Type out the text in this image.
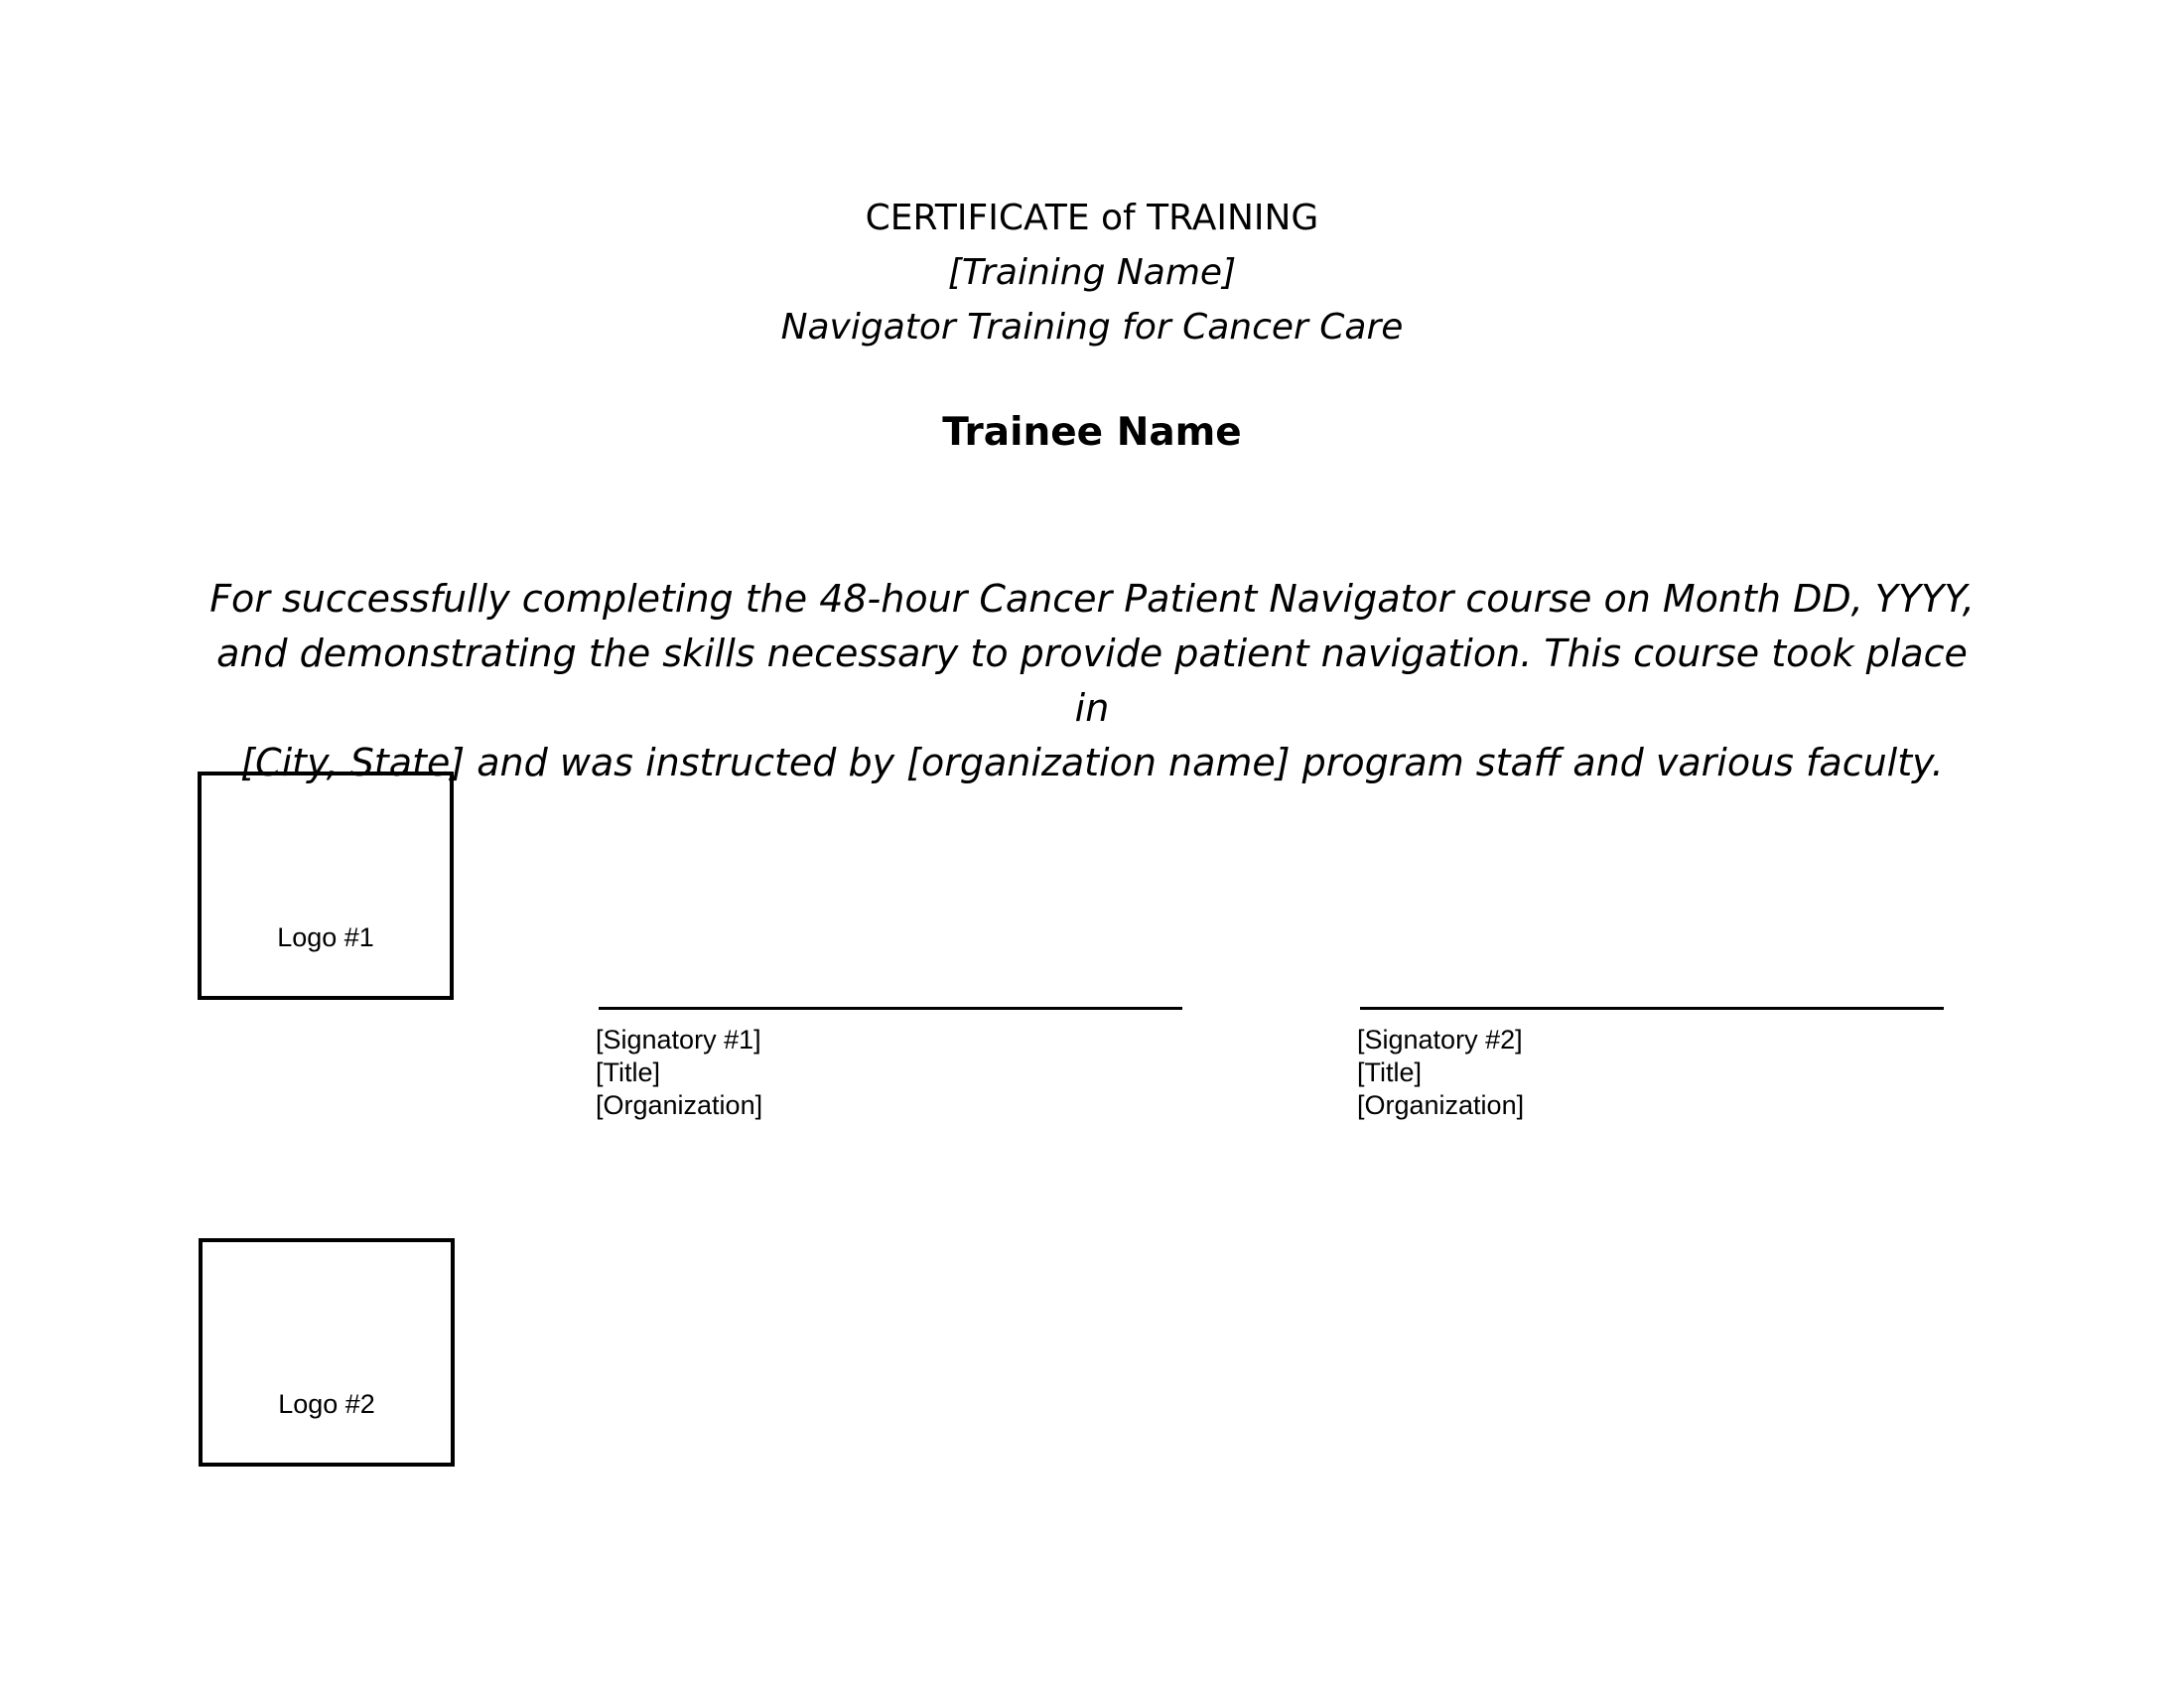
CERTIFICATE of TRAINING
[Training Name]
Navigator Training for Cancer Care
Trainee Name
For successfully completing the 48‑hour Cancer Patient Navigator course on Month DD, YYYY,
and demonstrating the skills necessary to provide patient navigation. This course took place in
[City, State] and was instructed by [organization name] program staff and various faculty.
Logo #1
[Signatory #1]
[Title]
[Organization]
[Signatory #2]
[Title]
[Organization]
Logo #2
